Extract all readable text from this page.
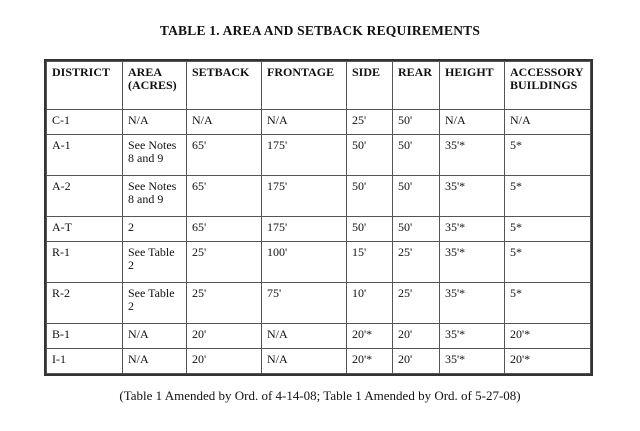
TABLE 1. AREA AND SETBACK REQUIREMENTS
DISTRICT	AREA (ACRES)	SETBACK	FRONTAGE	SIDE	REAR	HEIGHT	ACCESSORY BUILDINGS
C-1	N/A	N/A	N/A	25'	50'	N/A	N/A
A-1	See Notes 8 and 9	65'	175'	50'	50'	35'*	5*
A-2	See Notes 8 and 9	65'	175'	50'	50'	35'*	5*
A-T	2	65'	175'	50'	50'	35'*	5*
R-1	See Table 2	25'	100'	15'	25'	35'*	5*
R-2	See Table 2	25'	75'	10'	25'	35'*	5*
B-1	N/A	20'	N/A	20'*	20'	35'*	20'*
I-1	N/A	20'	N/A	20'*	20'	35'*	20'*
(Table 1 Amended by Ord. of 4-14-08; Table 1 Amended by Ord. of 5-27-08)
